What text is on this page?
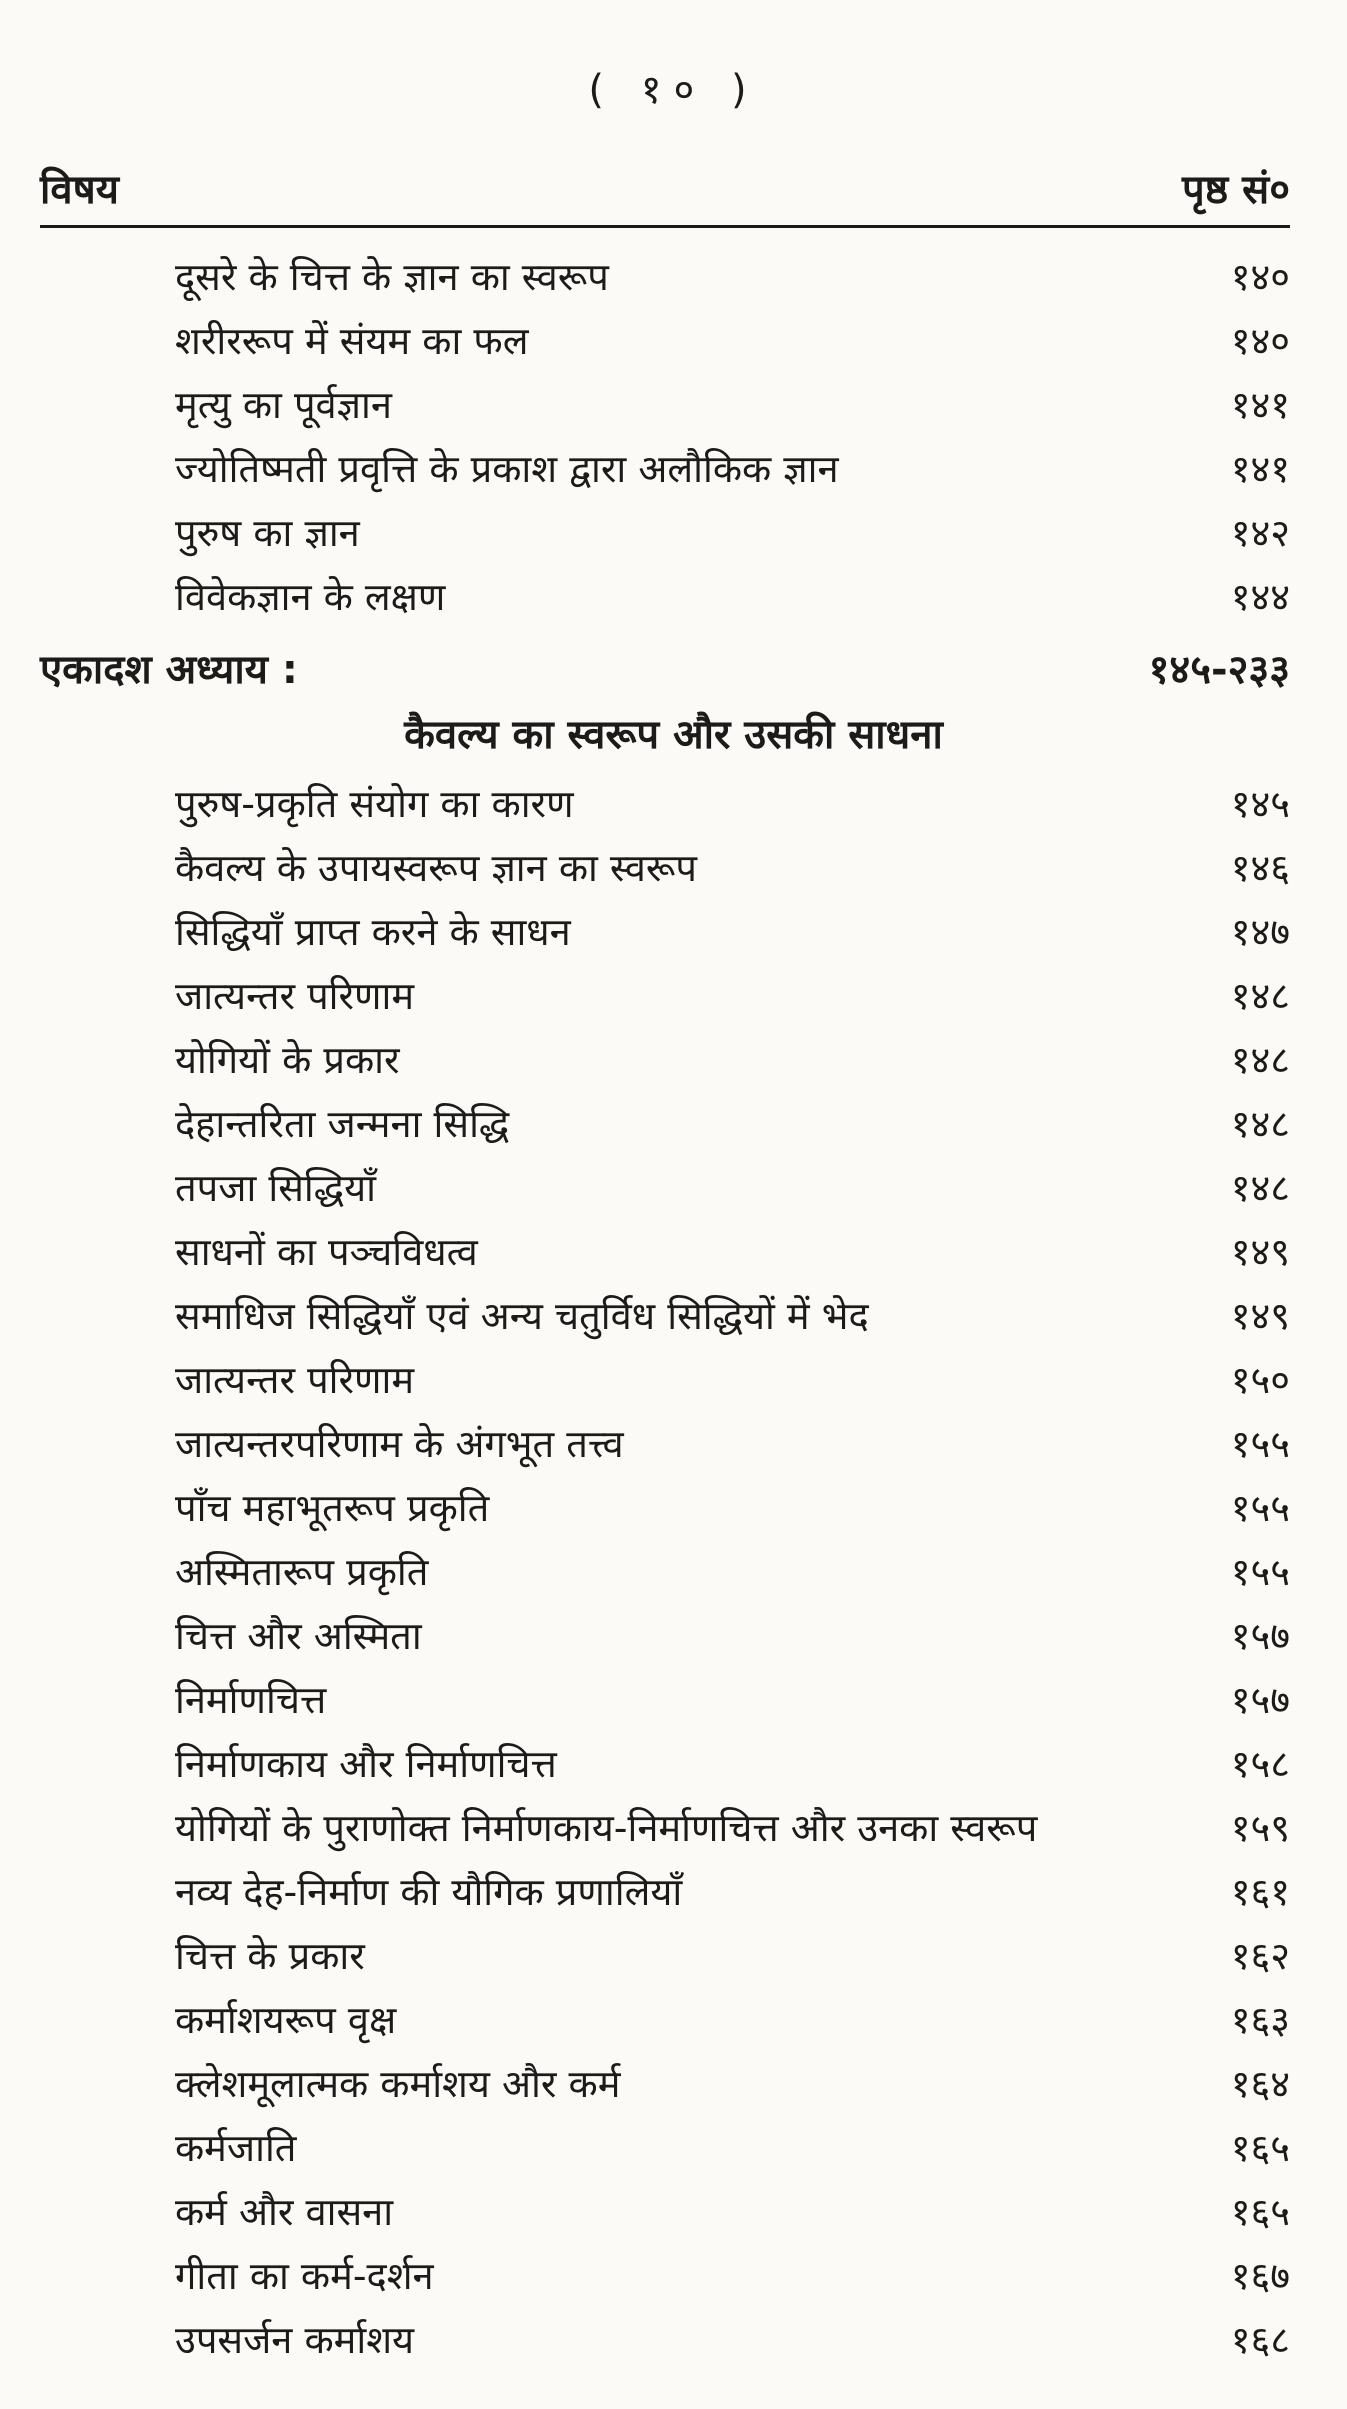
( १० )
विषय	पृष्ठ सं०
दूसरे के चित्त के ज्ञान का स्वरूप	१४०
शरीररूप में संयम का फल	१४०
मृत्यु का पूर्वज्ञान	१४१
ज्योतिष्मती प्रवृत्ति के प्रकाश द्वारा अलौकिक ज्ञान	१४१
पुरुष का ज्ञान	१४२
विवेकज्ञान के लक्षण	१४४
एकादश अध्याय :	१४५-२३३
कैवल्य का स्वरूप और उसकी साधना
पुरुष-प्रकृति संयोग का कारण	१४५
कैवल्य के उपायस्वरूप ज्ञान का स्वरूप	१४६
सिद्धियाँ प्राप्त करने के साधन	१४७
जात्यन्तर परिणाम	१४८
योगियों के प्रकार	१४८
देहान्तरिता जन्मना सिद्धि	१४८
तपजा सिद्धियाँ	१४८
साधनों का पञ्चविधत्व	१४९
समाधिज सिद्धियाँ एवं अन्य चतुर्विध सिद्धियों में भेद	१४९
जात्यन्तर परिणाम	१५०
जात्यन्तरपरिणाम के अंगभूत तत्त्व	१५५
पाँच महाभूतरूप प्रकृति	१५५
अस्मितारूप प्रकृति	१५५
चित्त और अस्मिता	१५७
निर्माणचित्त	१५७
निर्माणकाय और निर्माणचित्त	१५८
योगियों के पुराणोक्त निर्माणकाय-निर्माणचित्त और उनका स्वरूप	१५९
नव्य देह-निर्माण की यौगिक प्रणालियाँ	१६१
चित्त के प्रकार	१६२
कर्माशयरूप वृक्ष	१६३
क्लेशमूलात्मक कर्माशय और कर्म	१६४
कर्मजाति	१६५
कर्म और वासना	१६५
गीता का कर्म-दर्शन	१६७
उपसर्जन कर्माशय	१६८
